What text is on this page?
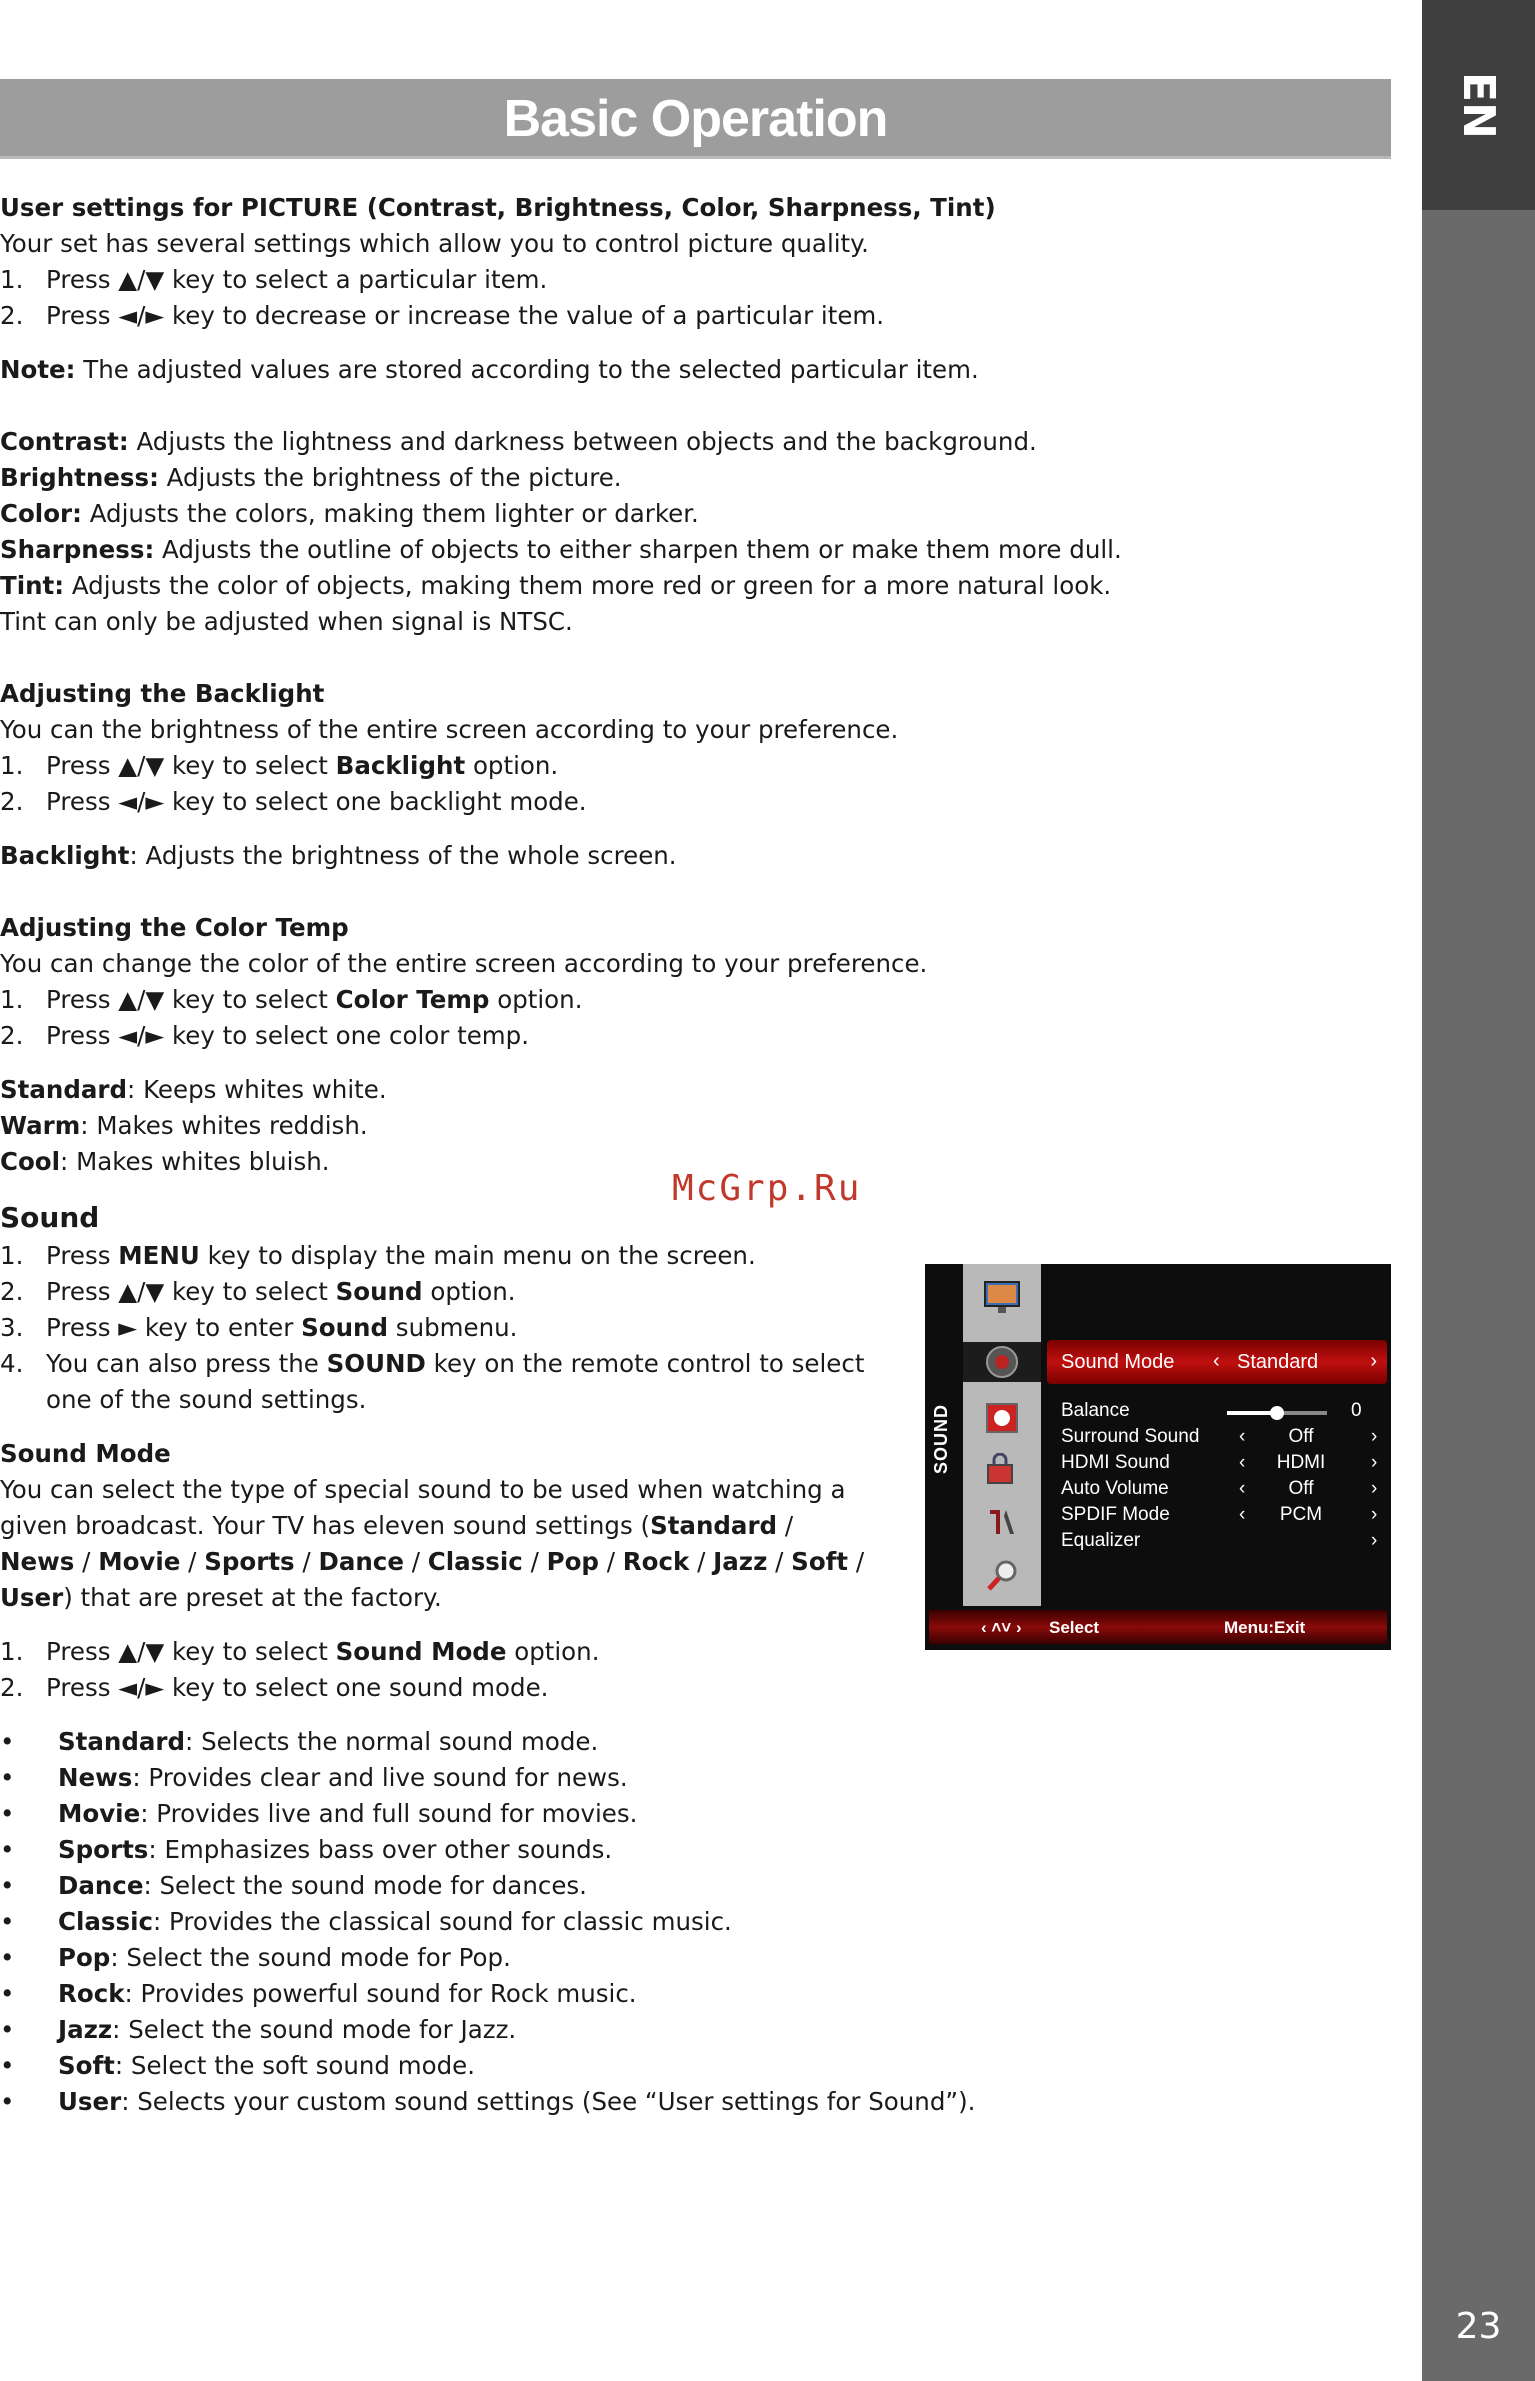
EN
23
Basic Operation
McGrp.Ru

User settings for PICTURE (Contrast, Brightness, Color, Sharpness, Tint)

Your set has several settings which allow you to control picture quality.

1. Press ▲/▼ key to select a particular item.
2. Press ◄/► key to decrease or increase the value of a particular item.

Note: The adjusted values are stored according to the selected particular item.

Contrast: Adjusts the lightness and darkness between objects and the background.

Brightness: Adjusts the brightness of the picture.

Color: Adjusts the colors, making them lighter or darker.

Sharpness: Adjusts the outline of objects to either sharpen them or make them more dull.

Tint: Adjusts the color of objects, making them more red or green for a more natural look.

Tint can only be adjusted when signal is NTSC.

Adjusting the Backlight

You can the brightness of the entire screen according to your preference.

1. Press ▲/▼ key to select Backlight option.
2. Press ◄/► key to select one backlight mode.

Backlight: Adjusts the brightness of the whole screen.

Adjusting the Color Temp

You can change the color of the entire screen according to your preference.

1. Press ▲/▼ key to select Color Temp option.
2. Press ◄/► key to select one color temp.

Standard: Keeps whites white.

Warm: Makes whites reddish.

Cool: Makes whites bluish.

Sound

1. Press MENU key to display the main menu on the screen.
2. Press ▲/▼ key to select Sound option.
3. Press ► key to enter Sound submenu.
4. You can also press the SOUND key on the remote control to select one of the sound settings.

Sound Mode

You can select the type of special sound to be used when watching a given broadcast. Your TV has eleven sound settings (Standard / News / Movie / Sports / Dance / Classic / Pop / Rock / Jazz / Soft / User) that are preset at the factory.

1. Press ▲/▼ key to select Sound Mode option.
2. Press ◄/► key to select one sound mode.
• Standard: Selects the normal sound mode.
• News: Provides clear and live sound for news.
• Movie: Provides live and full sound for movies.
• Sports: Emphasizes bass over other sounds.
• Dance: Select the sound mode for dances.
• Classic: Provides the classical sound for classic music.
• Pop: Select the sound mode for Pop.
• Rock: Provides powerful sound for Rock music.
• Jazz: Select the sound mode for Jazz.
• Soft: Select the soft sound mode.
• User: Selects your custom sound settings (See “User settings for Sound”).
SOUND
Sound Mode ‹ Standard	›
Balance	0
Surround Sound ‹	Off	›
HDMI Sound	‹	HDMI	›
Auto Volume	‹	Off	›
SPDIF Mode	‹	PCM	›
Equalizer	›
‹ ˄˅ › Select	Menu:Exit
